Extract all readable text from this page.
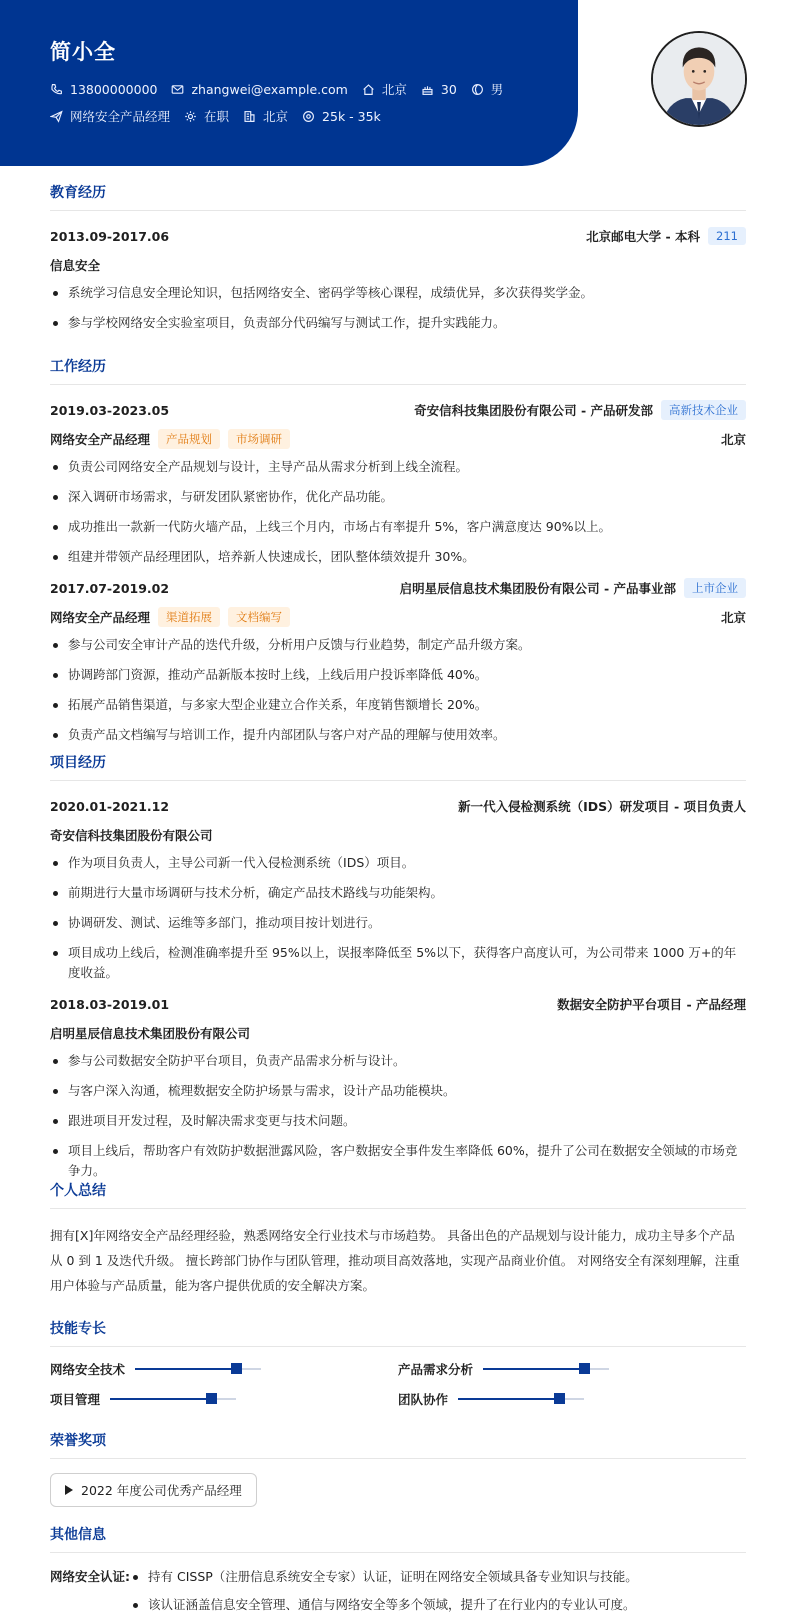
简小全
13800000000	zhangwei@example.com	北京	30	男
网络安全产品经理	在职	北京	25k - 35k
教育经历
2013.09-2017.06	北京邮电大学 - 本科	211
信息安全
系统学习信息安全理论知识，包括网络安全、密码学等核心课程，成绩优异，多次获得奖学金。
参与学校网络安全实验室项目，负责部分代码编写与测试工作，提升实践能力。
工作经历
2019.03-2023.05	奇安信科技集团股份有限公司 - 产品研发部	高新技术企业
网络安全产品经理	产品规划	市场调研	北京
负责公司网络安全产品规划与设计，主导产品从需求分析到上线全流程。
深入调研市场需求，与研发团队紧密协作，优化产品功能。
成功推出一款新一代防火墙产品，上线三个月内，市场占有率提升 5%，客户满意度达 90%以上。
组建并带领产品经理团队，培养新人快速成长，团队整体绩效提升 30%。
2017.07-2019.02	启明星辰信息技术集团股份有限公司 - 产品事业部	上市企业
网络安全产品经理	渠道拓展	文档编写	北京
参与公司安全审计产品的迭代升级，分析用户反馈与行业趋势，制定产品升级方案。
协调跨部门资源，推动产品新版本按时上线，上线后用户投诉率降低 40%。
拓展产品销售渠道，与多家大型企业建立合作关系，年度销售额增长 20%。
负责产品文档编写与培训工作，提升内部团队与客户对产品的理解与使用效率。
项目经历
2020.01-2021.12	新一代入侵检测系统（IDS）研发项目 - 项目负责人
奇安信科技集团股份有限公司
作为项目负责人，主导公司新一代入侵检测系统（IDS）项目。
前期进行大量市场调研与技术分析，确定产品技术路线与功能架构。
协调研发、测试、运维等多部门，推动项目按计划进行。
项目成功上线后，检测准确率提升至 95%以上，误报率降低至 5%以下，获得客户高度认可，为公司带来 1000 万+的年度收益。
2018.03-2019.01	数据安全防护平台项目 - 产品经理
启明星辰信息技术集团股份有限公司
参与公司数据安全防护平台项目，负责产品需求分析与设计。
与客户深入沟通，梳理数据安全防护场景与需求，设计产品功能模块。
跟进项目开发过程，及时解决需求变更与技术问题。
项目上线后，帮助客户有效防护数据泄露风险，客户数据安全事件发生率降低 60%，提升了公司在数据安全领域的市场竞争力。
个人总结
拥有[X]年网络安全产品经理经验，熟悉网络安全行业技术与市场趋势。 具备出色的产品规划与设计能力，成功主导多个产品从 0 到 1 及迭代升级。 擅长跨部门协作与团队管理，推动项目高效落地，实现产品商业价值。 对网络安全有深刻理解，注重用户体验与产品质量，能为客户提供优质的安全解决方案。
技能专长
网络安全技术	产品需求分析
项目管理	团队协作
荣誉奖项
2022 年度公司优秀产品经理
其他信息
网络安全认证:	持有 CISSP（注册信息系统安全专家）认证，证明在网络安全领域具备专业知识与技能。
该认证涵盖信息安全管理、通信与网络安全等多个领域，提升了在行业内的专业认可度。
